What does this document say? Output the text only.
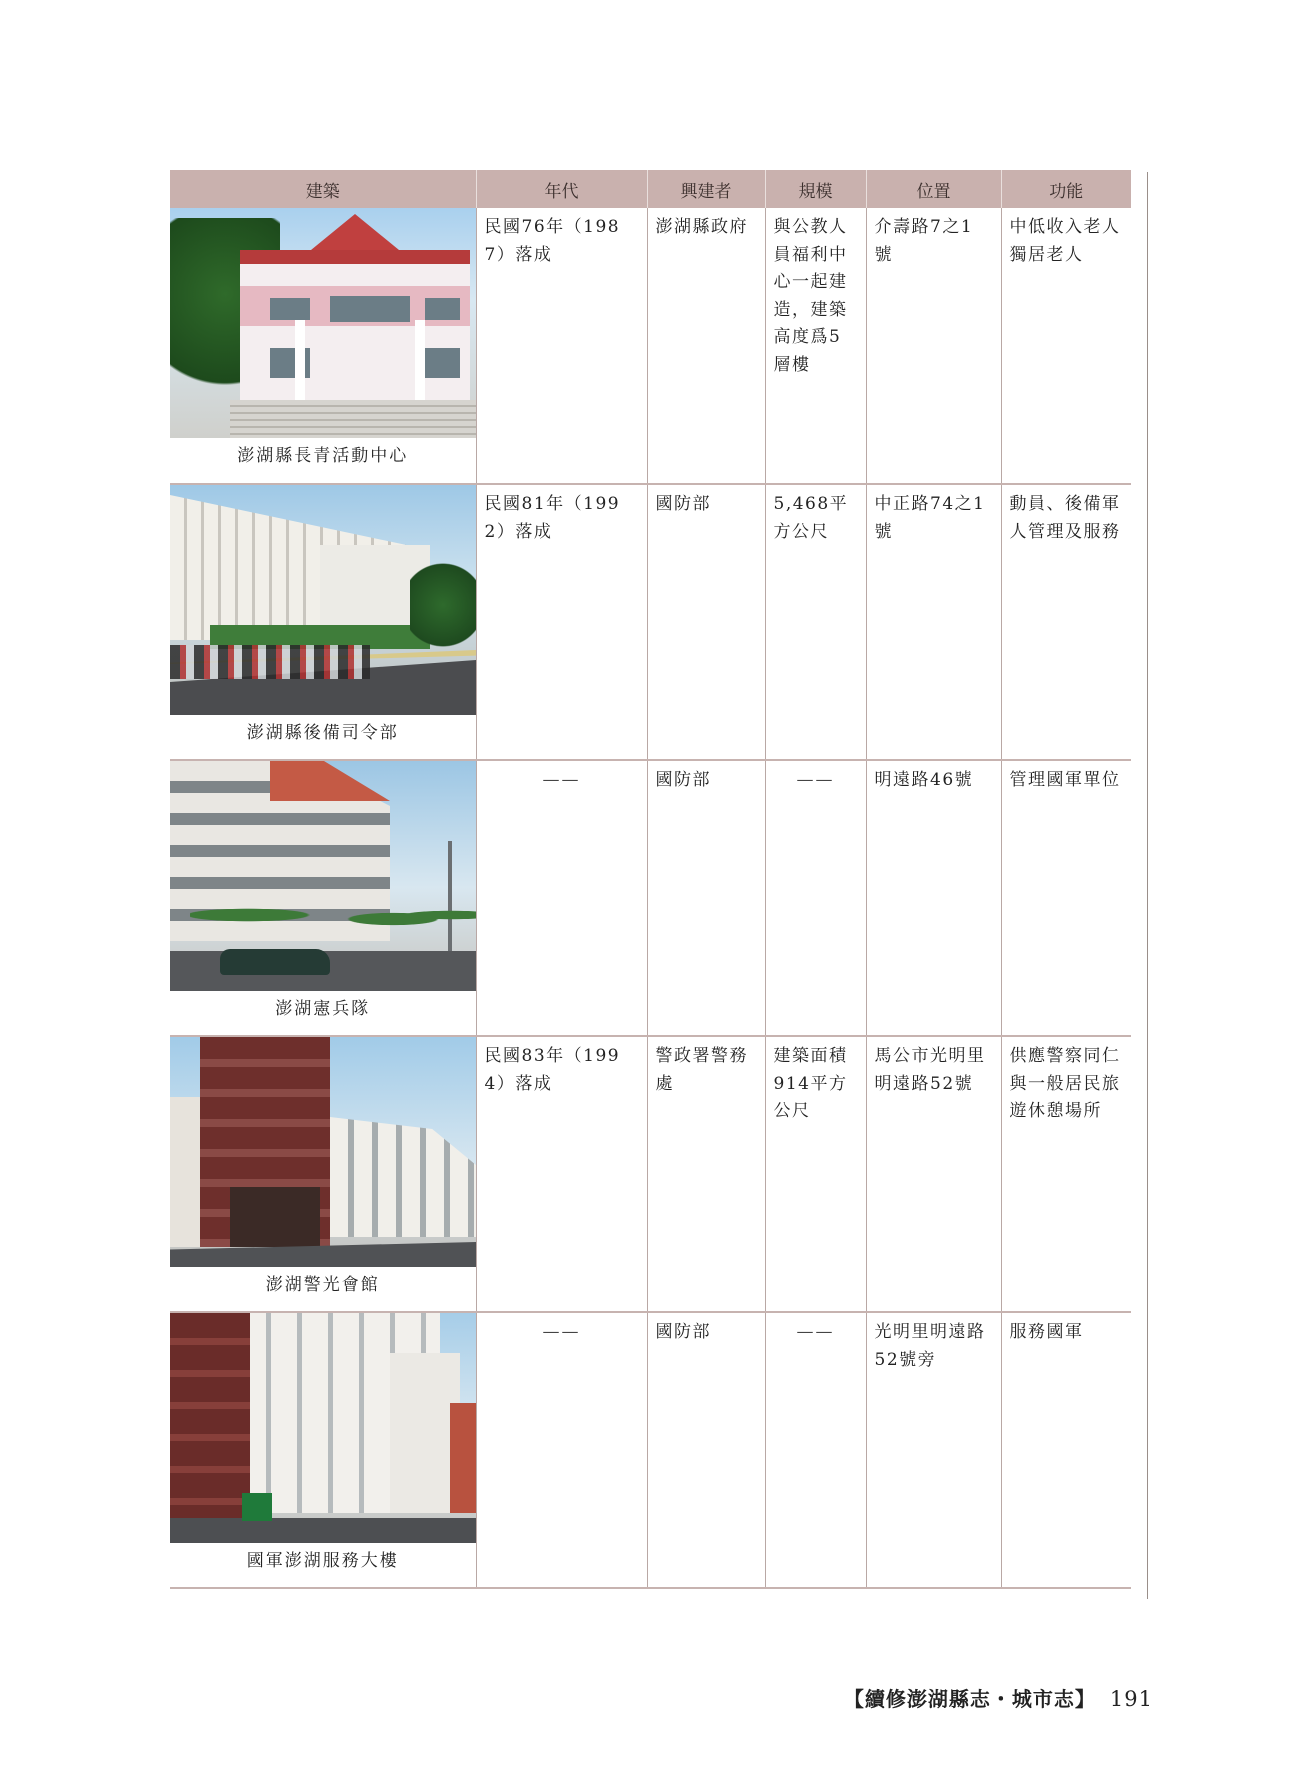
建築	年代	興建者	規模	位置	功能

澎湖縣長青活動中心	民國76年（1987）落成	澎湖縣政府	與公教人員福利中心一起建造，建築高度爲5層樓	介壽路7之1號	中低收入老人獨居老人

澎湖縣後備司令部	民國81年（1992）落成	國防部	5,468平方公尺	中正路74之1號	動員、後備軍人管理及服務

澎湖憲兵隊	——	國防部	——	明遠路46號	管理國軍單位

澎湖警光會館	民國83年（1994）落成	警政署警務處	建築面積914平方公尺	馬公市光明里明遠路52號	供應警察同仁與一般居民旅遊休憩場所

國軍澎湖服務大樓	——	國防部	——	光明里明遠路52號旁	服務國軍
【續修澎湖縣志・城市志】 191
